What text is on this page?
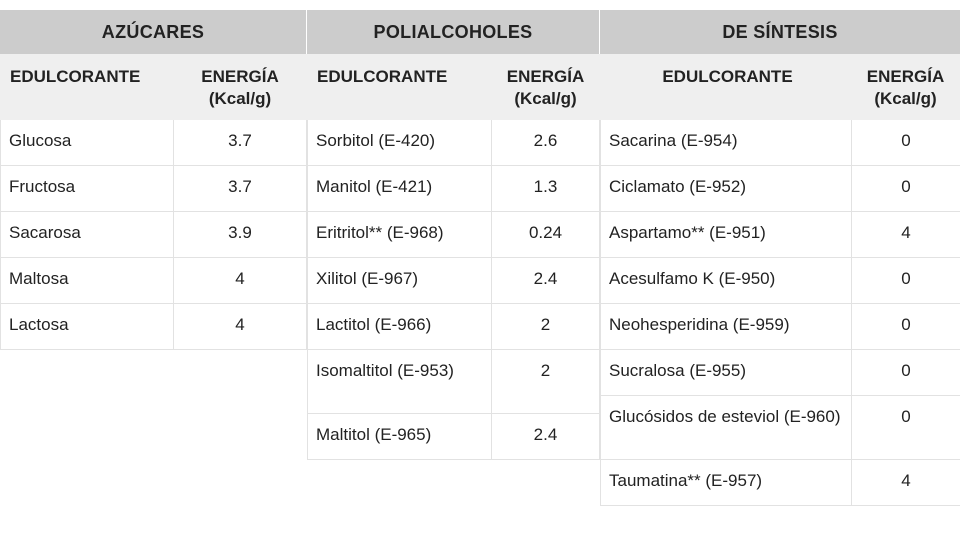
AZÚCARES
EDULCORANTE	ENERGÍA
(Kcal/g)
Glucosa	3.7
Fructosa	3.7
Sacarosa	3.9
Maltosa	4
Lactosa	4
POLIALCOHOLES
EDULCORANTE	ENERGÍA
(Kcal/g)
Sorbitol (E-420)	2.6
Manitol (E-421)	1.3
Eritritol** (E-968)	0.24
Xilitol (E-967)	2.4
Lactitol (E-966)	2
Isomaltitol (E-953)	2
Maltitol (E-965)	2.4
DE SÍNTESIS
EDULCORANTE	ENERGÍA
(Kcal/g)
Sacarina (E-954)	0
Ciclamato (E-952)	0
Aspartamo** (E-951)	4
Acesulfamo K (E-950)	0
Neohesperidina (E-959)	0
Sucralosa (E-955)	0
Glucósidos de esteviol (E-960)	0
Taumatina** (E-957)	4
